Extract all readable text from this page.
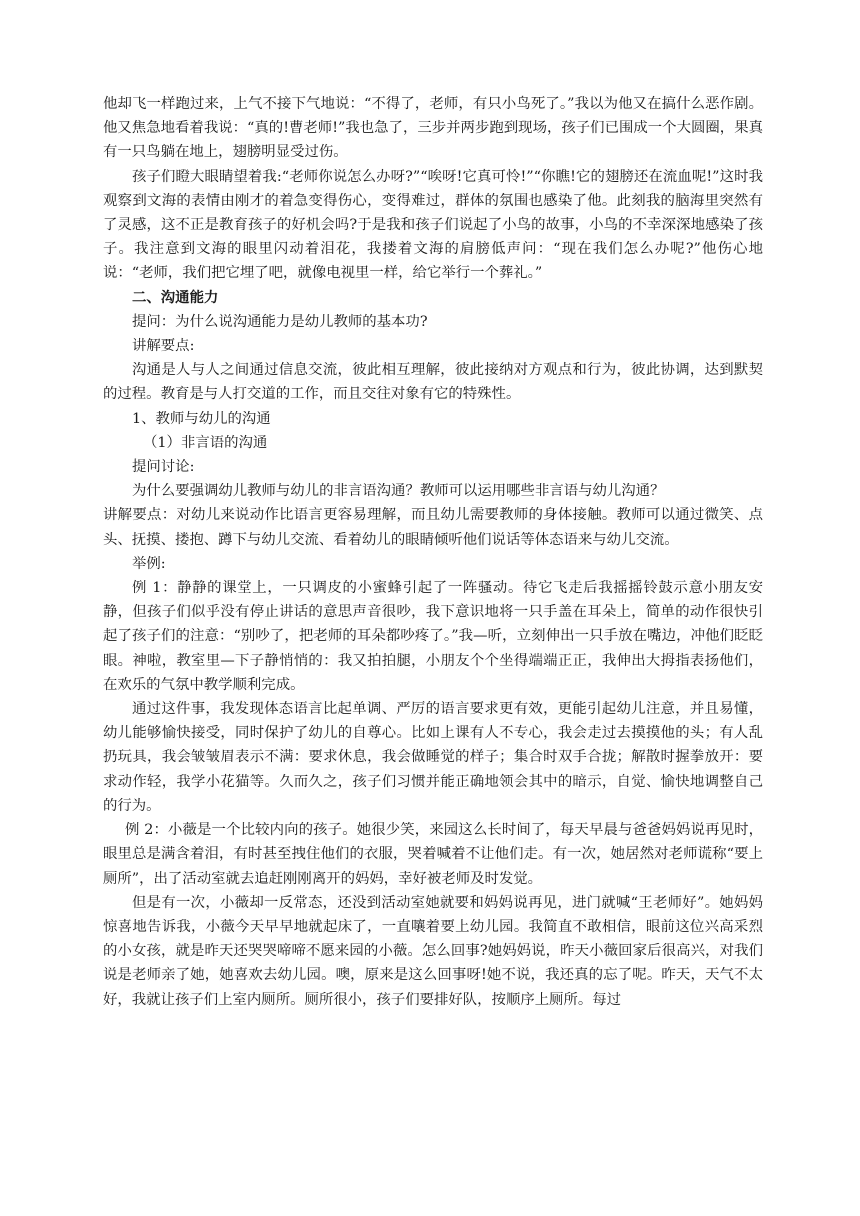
他却飞一样跑过来，上气不接下气地说：“不得了，老师，有只小鸟死了。”我以为他又在搞什么恶作剧。他又焦急地看着我说：“真的!曹老师!”我也急了，三步并两步跑到现场，孩子们已围成一个大圆圈，果真有一只鸟躺在地上，翅膀明显受过伤。

孩子们瞪大眼睛望着我:“老师你说怎么办呀?”“唉呀!它真可怜!”“你瞧!它的翅膀还在流血呢!”这时我观察到文海的表情由刚才的着急变得伤心，变得难过，群体的氛围也感染了他。此刻我的脑海里突然有了灵感，这不正是教育孩子的好机会吗?于是我和孩子们说起了小鸟的故事，小鸟的不幸深深地感染了孩子。我注意到文海的眼里闪动着泪花，我搂着文海的肩膀低声问：“现在我们怎么办呢?”他伤心地说：“老师，我们把它埋了吧，就像电视里一样，给它举行一个葬礼。”

二、沟通能力

提问：为什么说沟通能力是幼儿教师的基本功?

讲解要点:

沟通是人与人之间通过信息交流，彼此相互理解，彼此接纳对方观点和行为，彼此协调，达到默契的过程。教育是与人打交道的工作，而且交往对象有它的特殊性。

1、教师与幼儿的沟通

（1）非言语的沟通

提问讨论:

为什么要强调幼儿教师与幼儿的非言语沟通？教师可以运用哪些非言语与幼儿沟通？

讲解要点：对幼儿来说动作比语言更容易理解，而且幼儿需要教师的身体接触。教师可以通过微笑、点头、抚摸、搂抱、蹲下与幼儿交流、看着幼儿的眼睛倾听他们说话等体态语来与幼儿交流。

举例:

例 1：静静的课堂上，一只调皮的小蜜蜂引起了一阵骚动。待它飞走后我摇摇铃鼓示意小朋友安静，但孩子们似乎没有停止讲话的意思声音很吵，我下意识地将一只手盖在耳朵上，简单的动作很快引起了孩子们的注意：“别吵了，把老师的耳朵都吵疼了。”我—听，立刻伸出一只手放在嘴边，冲他们眨眨眼。神啦，教室里—下子静悄悄的：我又拍拍腿，小朋友个个坐得端端正正，我伸出大拇指表扬他们，在欢乐的气氛中教学顺利完成。

通过这件事，我发现体态语言比起单调、严厉的语言要求更有效，更能引起幼儿注意，并且易懂，幼儿能够愉快接受，同时保护了幼儿的自尊心。比如上课有人不专心，我会走过去摸摸他的头；有人乱扔玩具，我会皱皱眉表示不满：要求休息，我会做睡觉的样子；集合时双手合拢；解散时握拳放开：要求动作轻，我学小花猫等。久而久之，孩子们习惯并能正确地领会其中的暗示，自觉、愉快地调整自己的行为。

例 2：小薇是一个比较内向的孩子。她很少笑，来园这么长时间了，每天早晨与爸爸妈妈说再见时，眼里总是满含着泪，有时甚至拽住他们的衣服，哭着喊着不让他们走。有一次，她居然对老师谎称“要上厕所”，出了活动室就去追赶刚刚离开的妈妈，幸好被老师及时发觉。

但是有一次，小薇却一反常态，还没到活动室她就要和妈妈说再见，进门就喊“王老师好”。她妈妈惊喜地告诉我，小薇今天早早地就起床了，一直嚷着要上幼儿园。我简直不敢相信，眼前这位兴高采烈的小女孩，就是昨天还哭哭啼啼不愿来园的小薇。怎么回事?她妈妈说，昨天小薇回家后很高兴，对我们说是老师亲了她，她喜欢去幼儿园。噢，原来是这么回事呀!她不说，我还真的忘了呢。昨天，天气不太好，我就让孩子们上室内厕所。厕所很小，孩子们要排好队，按顺序上厕所。每过
